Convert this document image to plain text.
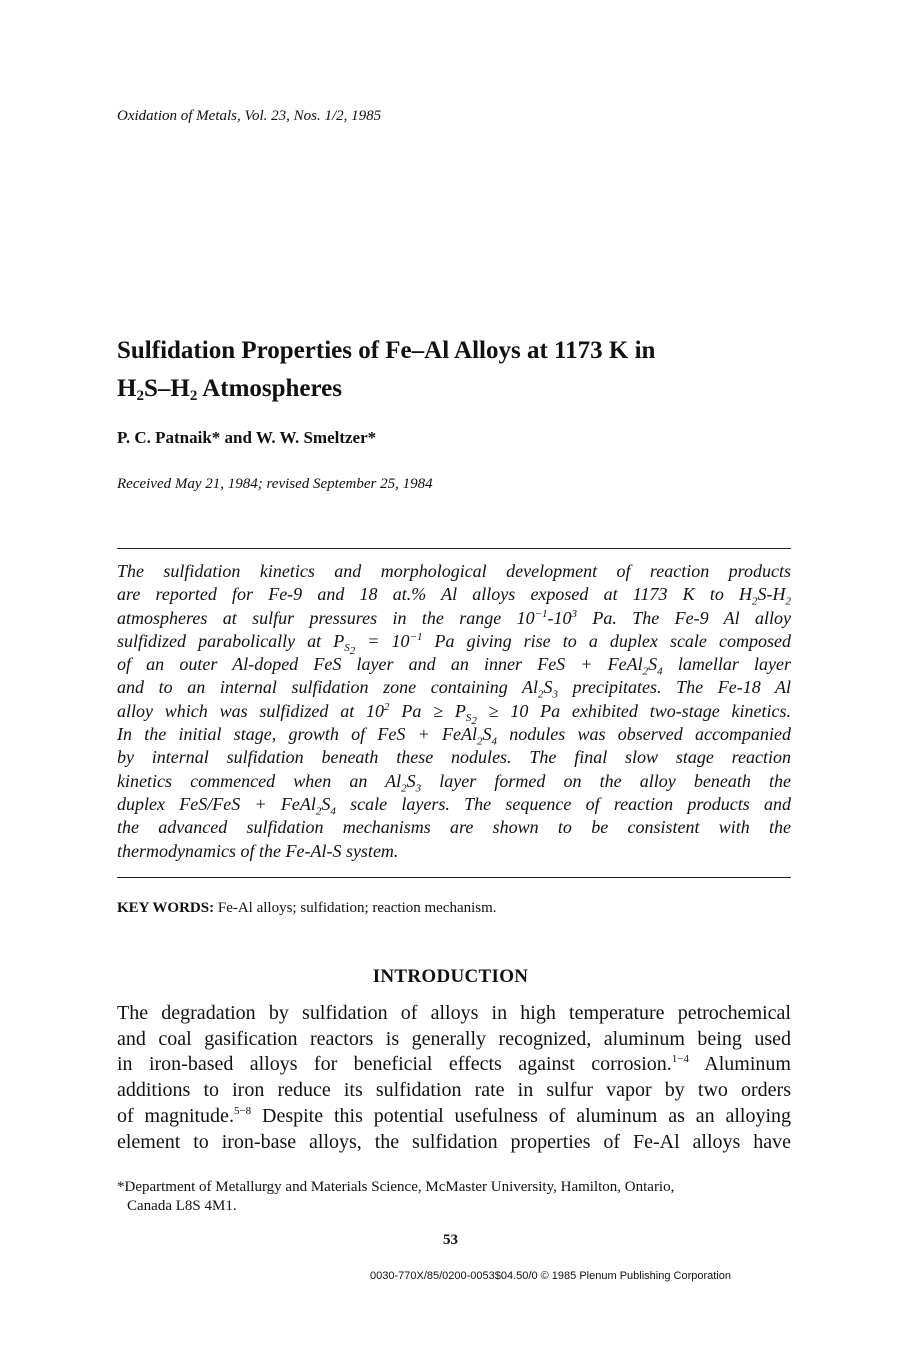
Oxidation of Metals, Vol. 23, Nos. 1/2, 1985
Sulfidation Properties of Fe–Al Alloys at 1173 K in
$H_2S-H_2$ Atmospheres
P. C. Patnaik* and W. W. Smeltzer*
Received May 21, 1984; revised September 25, 1984
The sulfidation kinetics and morphological development of reaction products
are reported for Fe-9 and 18 at.% Al alloys exposed at 1173 K to $H_2S-H_2$
atmospheres at sulfur pressures in the range $10^{-1}-10^3$ Pa. The Fe-9 Al alloy
sulfidized parabolically at $P_{S_2} = 10^{-1}$ Pa giving rise to a duplex scale composed
of an outer Al-doped FeS layer and an inner FeS + $FeAl_2S_4$ lamellar layer
and to an internal sulfidation zone containing $Al_2S_3$ precipitates. The Fe-18 Al
alloy which was sulfidized at $10^2$ $Pa \ge P_{S_2} \ge 10$ Pa exhibited two-stage kinetics.
In the initial stage, growth of FeS + $FeAl_2S_4$ nodules was observed accompanied
by internal sulfidation beneath these nodules. The final slow stage reaction
kinetics commenced when an $Al_2S_3$ layer formed on the alloy beneath the
duplex $FeS/FeS + FeAl_2S_4$ scale layers. The sequence of reaction products and
the advanced sulfidation mechanisms are shown to be consistent with the
thermodynamics of the Fe-Al-S system.
KEY WORDS: Fe-Al alloys; sulfidation; reaction mechanism.
INTRODUCTION
The degradation by sulfidation of alloys in high temperature petrochemical
and coal gasification reactors is generally recognized, aluminum being used
in iron-based alloys for beneficial effects against corrosion.$^{1-4}$ Aluminum
additions to iron reduce its sulfidation rate in sulfur vapor by two orders
of magnitude.$^{5-8}$ Despite this potential usefulness of aluminum as an alloying
element to iron-base alloys, the sulfidation properties of Fe-Al alloys have
*Department of Metallurgy and Materials Science, McMaster University, Hamilton, Ontario,
Canada L8S 4M1.
53
0030-770X/85/0200-0053$04.50/0 © 1985 Plenum Publishing Corporation
